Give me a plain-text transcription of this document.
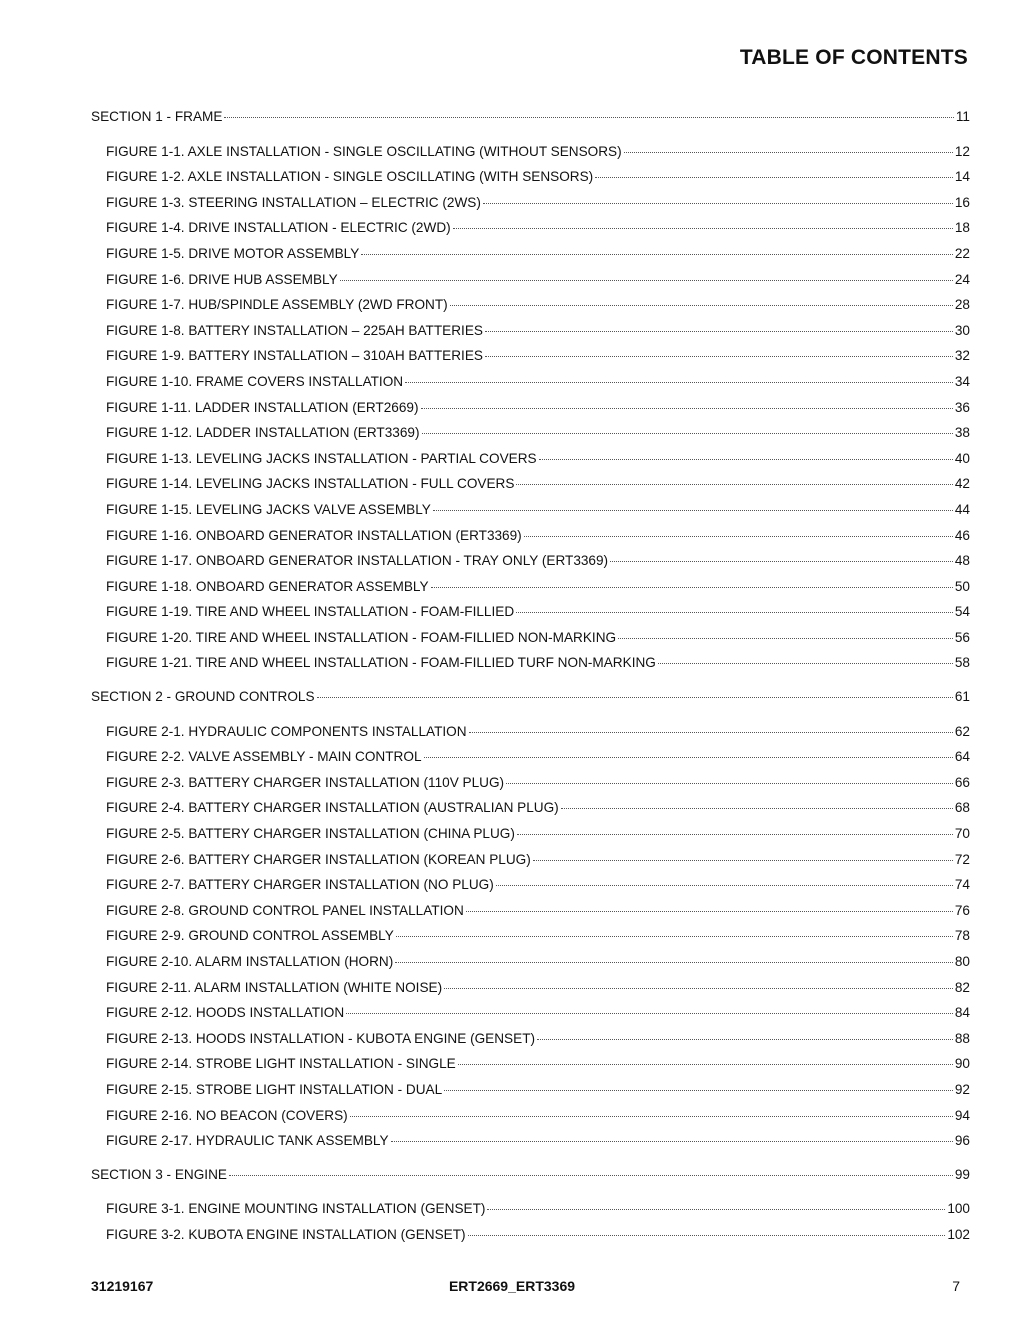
TABLE OF CONTENTS
SECTION 1 - FRAME	11
FIGURE 1-1. AXLE INSTALLATION - SINGLE OSCILLATING (WITHOUT SENSORS)	12
FIGURE 1-2. AXLE INSTALLATION - SINGLE OSCILLATING (WITH SENSORS)	14
FIGURE 1-3. STEERING INSTALLATION – ELECTRIC (2WS)	16
FIGURE 1-4. DRIVE INSTALLATION - ELECTRIC (2WD)	18
FIGURE 1-5. DRIVE MOTOR ASSEMBLY	22
FIGURE 1-6. DRIVE HUB ASSEMBLY	24
FIGURE 1-7. HUB/SPINDLE ASSEMBLY (2WD FRONT)	28
FIGURE 1-8. BATTERY INSTALLATION – 225AH BATTERIES	30
FIGURE 1-9. BATTERY INSTALLATION – 310AH BATTERIES	32
FIGURE 1-10. FRAME COVERS INSTALLATION	34
FIGURE 1-11. LADDER INSTALLATION (ERT2669)	36
FIGURE 1-12. LADDER INSTALLATION (ERT3369)	38
FIGURE 1-13. LEVELING JACKS INSTALLATION - PARTIAL COVERS	40
FIGURE 1-14. LEVELING JACKS INSTALLATION - FULL COVERS	42
FIGURE 1-15. LEVELING JACKS VALVE ASSEMBLY	44
FIGURE 1-16. ONBOARD GENERATOR INSTALLATION (ERT3369)	46
FIGURE 1-17. ONBOARD GENERATOR INSTALLATION - TRAY ONLY (ERT3369)	48
FIGURE 1-18. ONBOARD GENERATOR ASSEMBLY	50
FIGURE 1-19. TIRE AND WHEEL INSTALLATION - FOAM-FILLIED	54
FIGURE 1-20. TIRE AND WHEEL INSTALLATION - FOAM-FILLIED NON-MARKING	56
FIGURE 1-21. TIRE AND WHEEL INSTALLATION - FOAM-FILLIED TURF NON-MARKING	58
SECTION 2 - GROUND CONTROLS	61
FIGURE 2-1. HYDRAULIC COMPONENTS INSTALLATION	62
FIGURE 2-2. VALVE ASSEMBLY - MAIN CONTROL	64
FIGURE 2-3. BATTERY CHARGER INSTALLATION (110V PLUG)	66
FIGURE 2-4. BATTERY CHARGER INSTALLATION (AUSTRALIAN PLUG)	68
FIGURE 2-5. BATTERY CHARGER INSTALLATION (CHINA PLUG)	70
FIGURE 2-6. BATTERY CHARGER INSTALLATION (KOREAN PLUG)	72
FIGURE 2-7. BATTERY CHARGER INSTALLATION (NO PLUG)	74
FIGURE 2-8. GROUND CONTROL PANEL INSTALLATION	76
FIGURE 2-9. GROUND CONTROL ASSEMBLY	78
FIGURE 2-10. ALARM INSTALLATION (HORN)	80
FIGURE 2-11. ALARM INSTALLATION (WHITE NOISE)	82
FIGURE 2-12. HOODS INSTALLATION	84
FIGURE 2-13. HOODS INSTALLATION - KUBOTA ENGINE (GENSET)	88
FIGURE 2-14. STROBE LIGHT INSTALLATION - SINGLE	90
FIGURE 2-15. STROBE LIGHT INSTALLATION - DUAL	92
FIGURE 2-16. NO BEACON (COVERS)	94
FIGURE 2-17. HYDRAULIC TANK ASSEMBLY	96
SECTION 3 - ENGINE	99
FIGURE 3-1. ENGINE MOUNTING INSTALLATION (GENSET)	100
FIGURE 3-2. KUBOTA ENGINE INSTALLATION (GENSET)	102
31219167	ERT2669_ERT3369	7
